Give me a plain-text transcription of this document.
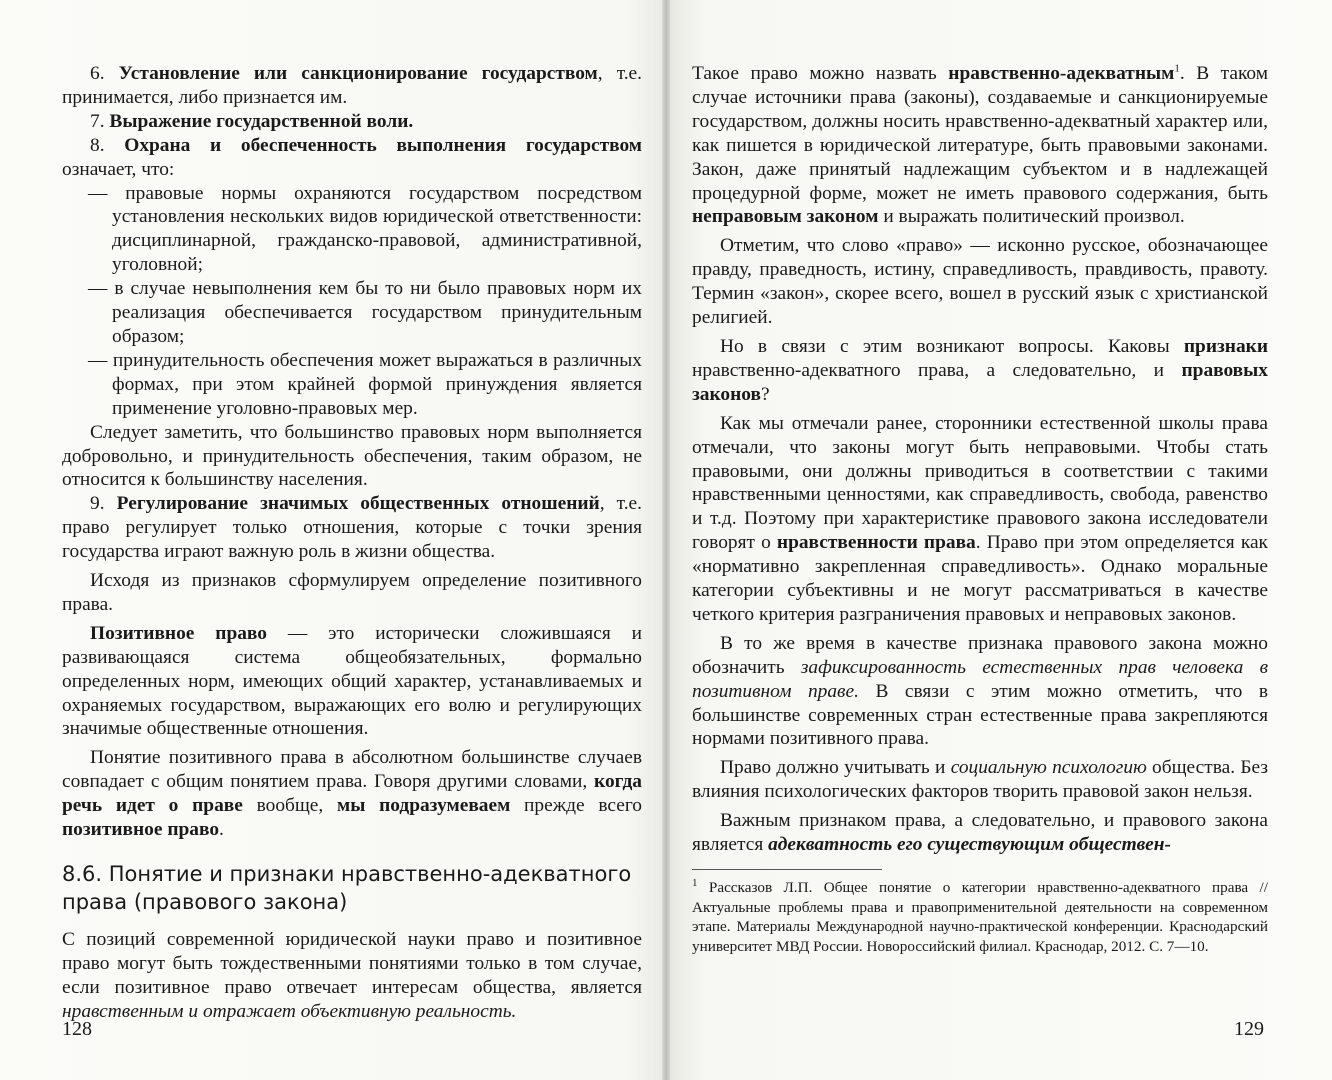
6. Установление или санкционирование государством, т.е. принимается, либо признается им.

7. Выражение государственной воли.

8. Охрана и обеспеченность выполнения государством означает, что:

— правовые нормы охраняются государством посредством установления нескольких видов юридической ответственности: дисциплинарной, гражданско-правовой, административной, уголовной;

— в случае невыполнения кем бы то ни было правовых норм их реализация обеспечивается государством принудительным образом;

— принудительность обеспечения может выражаться в различных формах, при этом крайней формой принуждения является применение уголовно-правовых мер.

Следует заметить, что большинство правовых норм выполняется добровольно, и принудительность обеспечения, таким образом, не относится к большинству населения.

9. Регулирование значимых общественных отношений, т.е. право регулирует только отношения, которые с точки зрения государства играют важную роль в жизни общества.

Исходя из признаков сформулируем определение позитивного права.

Позитивное право — это исторически сложившаяся и развивающаяся система общеобязательных, формально определенных норм, имеющих общий характер, устанавливаемых и охраняемых государством, выражающих его волю и регулирующих значимые общественные отношения.

Понятие позитивного права в абсолютном большинстве случаев совпадает с общим понятием права. Говоря другими словами, когда речь идет о праве вообще, мы подразумеваем прежде всего позитивное право.

8.6. Понятие и признаки нравственно-адекватного права (правового закона)

С позиций современной юридической науки право и позитивное право могут быть тождественными понятиями только в том случае, если позитивное право отвечает интересам общества, является нравственным и отражает объективную реальность.

128

Такое право можно назвать нравственно-адекватным$^1$. В таком случае источники права (законы), создаваемые и санкционируемые государством, должны носить нравственно-адекватный характер или, как пишется в юридической литературе, быть правовыми законами. Закон, даже принятый надлежащим субъектом и в надлежащей процедурной форме, может не иметь правового содержания, быть неправовым законом и выражать политический произвол.

Отметим, что слово «право» — исконно русское, обозначающее правду, праведность, истину, справедливость, правдивость, правоту. Термин «закон», скорее всего, вошел в русский язык с христианской религией.

Но в связи с этим возникают вопросы. Каковы признаки нравственно-адекватного права, а следовательно, и правовых законов?

Как мы отмечали ранее, сторонники естественной школы права отмечали, что законы могут быть неправовыми. Чтобы стать правовыми, они должны приводиться в соответствии с такими нравственными ценностями, как справедливость, свобода, равенство и т.д. Поэтому при характеристике правового закона исследователи говорят о нравственности права. Право при этом определяется как «нормативно закрепленная справедливость». Однако моральные категории субъективны и не могут рассматриваться в качестве четкого критерия разграничения правовых и неправовых законов.

В то же время в качестве признака правового закона можно обозначить зафиксированность естественных прав человека в позитивном праве. В связи с этим можно отметить, что в большинстве современных стран естественные права закрепляются нормами позитивного права.

Право должно учитывать и социальную психологию общества. Без влияния психологических факторов творить правовой закон нельзя.

Важным признаком права, а следовательно, и правового закона является адекватность его существующим обществен-

$^1$ Рассказов Л.П. Общее понятие о категории нравственно-адекватного права // Актуальные проблемы права и правоприменительной деятельности на современном этапе. Материалы Международной научно-практической конференции. Краснодарский университет МВД России. Новороссийский филиал. Краснодар, 2012. С. 7—10.

129
